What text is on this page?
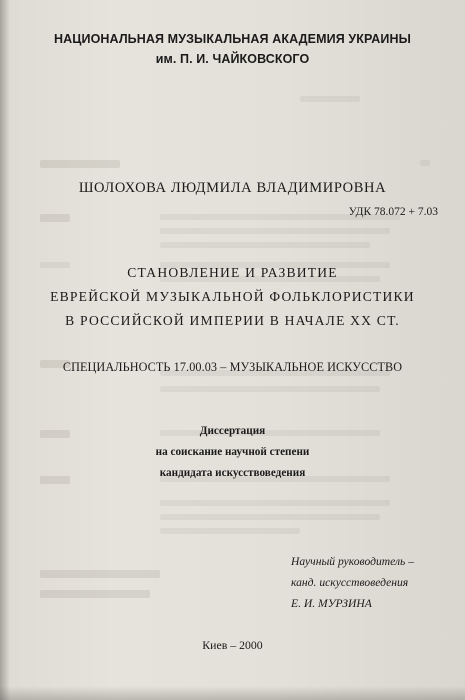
НАЦИОНАЛЬНАЯ МУЗЫКАЛЬНАЯ АКАДЕМИЯ УКРАИНЫ
им. П. И. ЧАЙКОВСКОГО
ШОЛОХОВА ЛЮДМИЛА ВЛАДИМИРОВНА
УДК 78.072 + 7.03
СТАНОВЛЕНИЕ И РАЗВИТИЕ
ЕВРЕЙСКОЙ МУЗЫКАЛЬНОЙ ФОЛЬКЛОРИСТИКИ
В РОССИЙСКОЙ ИМПЕРИИ В НАЧАЛЕ XX СТ.
СПЕЦИАЛЬНОСТЬ 17.00.03 – МУЗЫКАЛЬНОЕ ИСКУССТВО
Диссертация
на соискание научной степени
кандидата искусствоведения
Научный руководитель –
канд. искусствоведения
Е. И. МУРЗИНА
Киев – 2000
